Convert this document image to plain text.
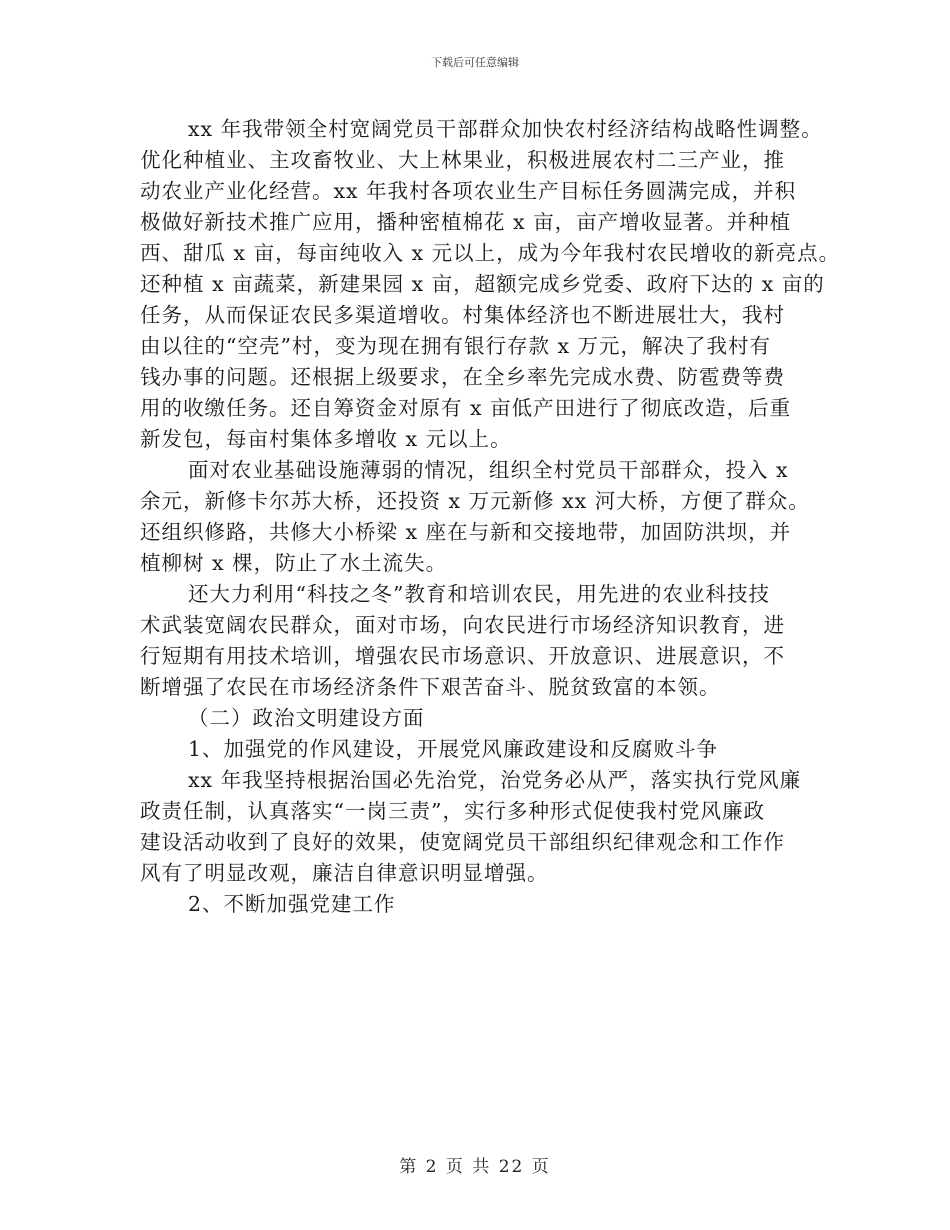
下载后可任意编辑
xx 年我带领全村宽阔党员干部群众加快农村经济结构战略性调整。
优化种植业、主攻畜牧业、大上林果业，积极进展农村二三产业，推
动农业产业化经营。xx 年我村各项农业生产目标任务圆满完成，并积
极做好新技术推广应用，播种密植棉花 x 亩，亩产增收显著。并种植
西、甜瓜 x 亩，每亩纯收入 x 元以上，成为今年我村农民增收的新亮点。
还种植 x 亩蔬菜，新建果园 x 亩，超额完成乡党委、政府下达的 x 亩的
任务，从而保证农民多渠道增收。村集体经济也不断进展壮大，我村
由以往的“空壳”村，变为现在拥有银行存款 x 万元，解决了我村有
钱办事的问题。还根据上级要求，在全乡率先完成水费、防雹费等费
用的收缴任务。还自筹资金对原有 x 亩低产田进行了彻底改造，后重
新发包，每亩村集体多增收 x 元以上。
面对农业基础设施薄弱的情况，组织全村党员干部群众，投入 x
余元，新修卡尔苏大桥，还投资 x 万元新修 xx 河大桥，方便了群众。
还组织修路，共修大小桥梁 x 座在与新和交接地带，加固防洪坝，并
植柳树 x 棵，防止了水土流失。
还大力利用“科技之冬”教育和培训农民，用先进的农业科技技
术武装宽阔农民群众，面对市场，向农民进行市场经济知识教育，进
行短期有用技术培训，增强农民市场意识、开放意识、进展意识，不
断增强了农民在市场经济条件下艰苦奋斗、脱贫致富的本领。
（二）政治文明建设方面
1、加强党的作风建设，开展党风廉政建设和反腐败斗争
xx 年我坚持根据治国必先治党，治党务必从严，落实执行党风廉
政责任制，认真落实“一岗三责”，实行多种形式促使我村党风廉政
建设活动收到了良好的效果，使宽阔党员干部组织纪律观念和工作作
风有了明显改观，廉洁自律意识明显增强。
2、不断加强党建工作
第 2 页 共 22 页
